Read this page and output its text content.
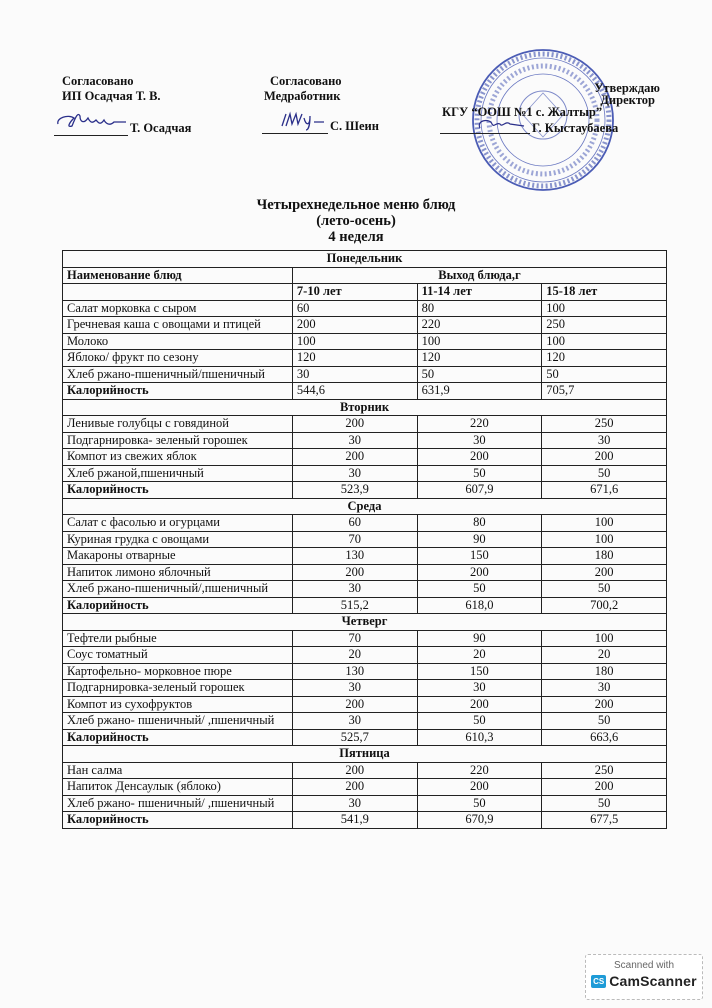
Согласовано
ИП Осадчая Т. В.
Т. Осадчая
Согласовано
Медработник
С. Шеин
Утверждаю
Директор
КГУ “ООШ №1 с. Жалтыр”
Г. Кыстаубаева
Четырехнедельное меню блюд
(лето-осень)
4 неделя
Понедельник			
Наименование блюд	Выход блюда,г		
	7-10 лет	11-14 лет	15-18 лет
Салат морковка с сыром	60	80	100
Гречневая каша с овощами и птицей	200	220	250
Молоко	100	100	100
Яблоко/ фрукт по сезону	120	120	120
Хлеб ржано-пшеничный/пшеничный	30	50	50
Калорийность	544,6	631,9	705,7
Вторник			
Ленивые голубцы с говядиной	200	220	250
Подгарнировка- зеленый горошек	30	30	30
Компот из свежих яблок	200	200	200
Хлеб ржаной,пшеничный	30	50	50
Калорийность	523,9	607,9	671,6
Среда			
Салат с фасолью и огурцами	60	80	100
Куриная грудка с овощами	70	90	100
Макароны отварные	130	150	180
Напиток лимоно яблочный	200	200	200
Хлеб ржано-пшеничный/,пшеничный	30	50	50
Калорийность	515,2	618,0	700,2
Четверг			
Тефтели рыбные	70	90	100
Соус томатный	20	20	20
Картофельно- морковное пюре	130	150	180
Подгарнировка-зеленый горошек	30	30	30
Компот из сухофруктов	200	200	200
Хлеб ржано- пшеничный/ ,пшеничный	30	50	50
Калорийность	525,7	610,3	663,6
Пятница			
Нан салма	200	220	250
Напиток Денсаулык (яблоко)	200	200	200
Хлеб ржано- пшеничный/ ,пшеничный	30	50	50
Калорийность	541,9	670,9	677,5
Scanned with
CS CamScanner
